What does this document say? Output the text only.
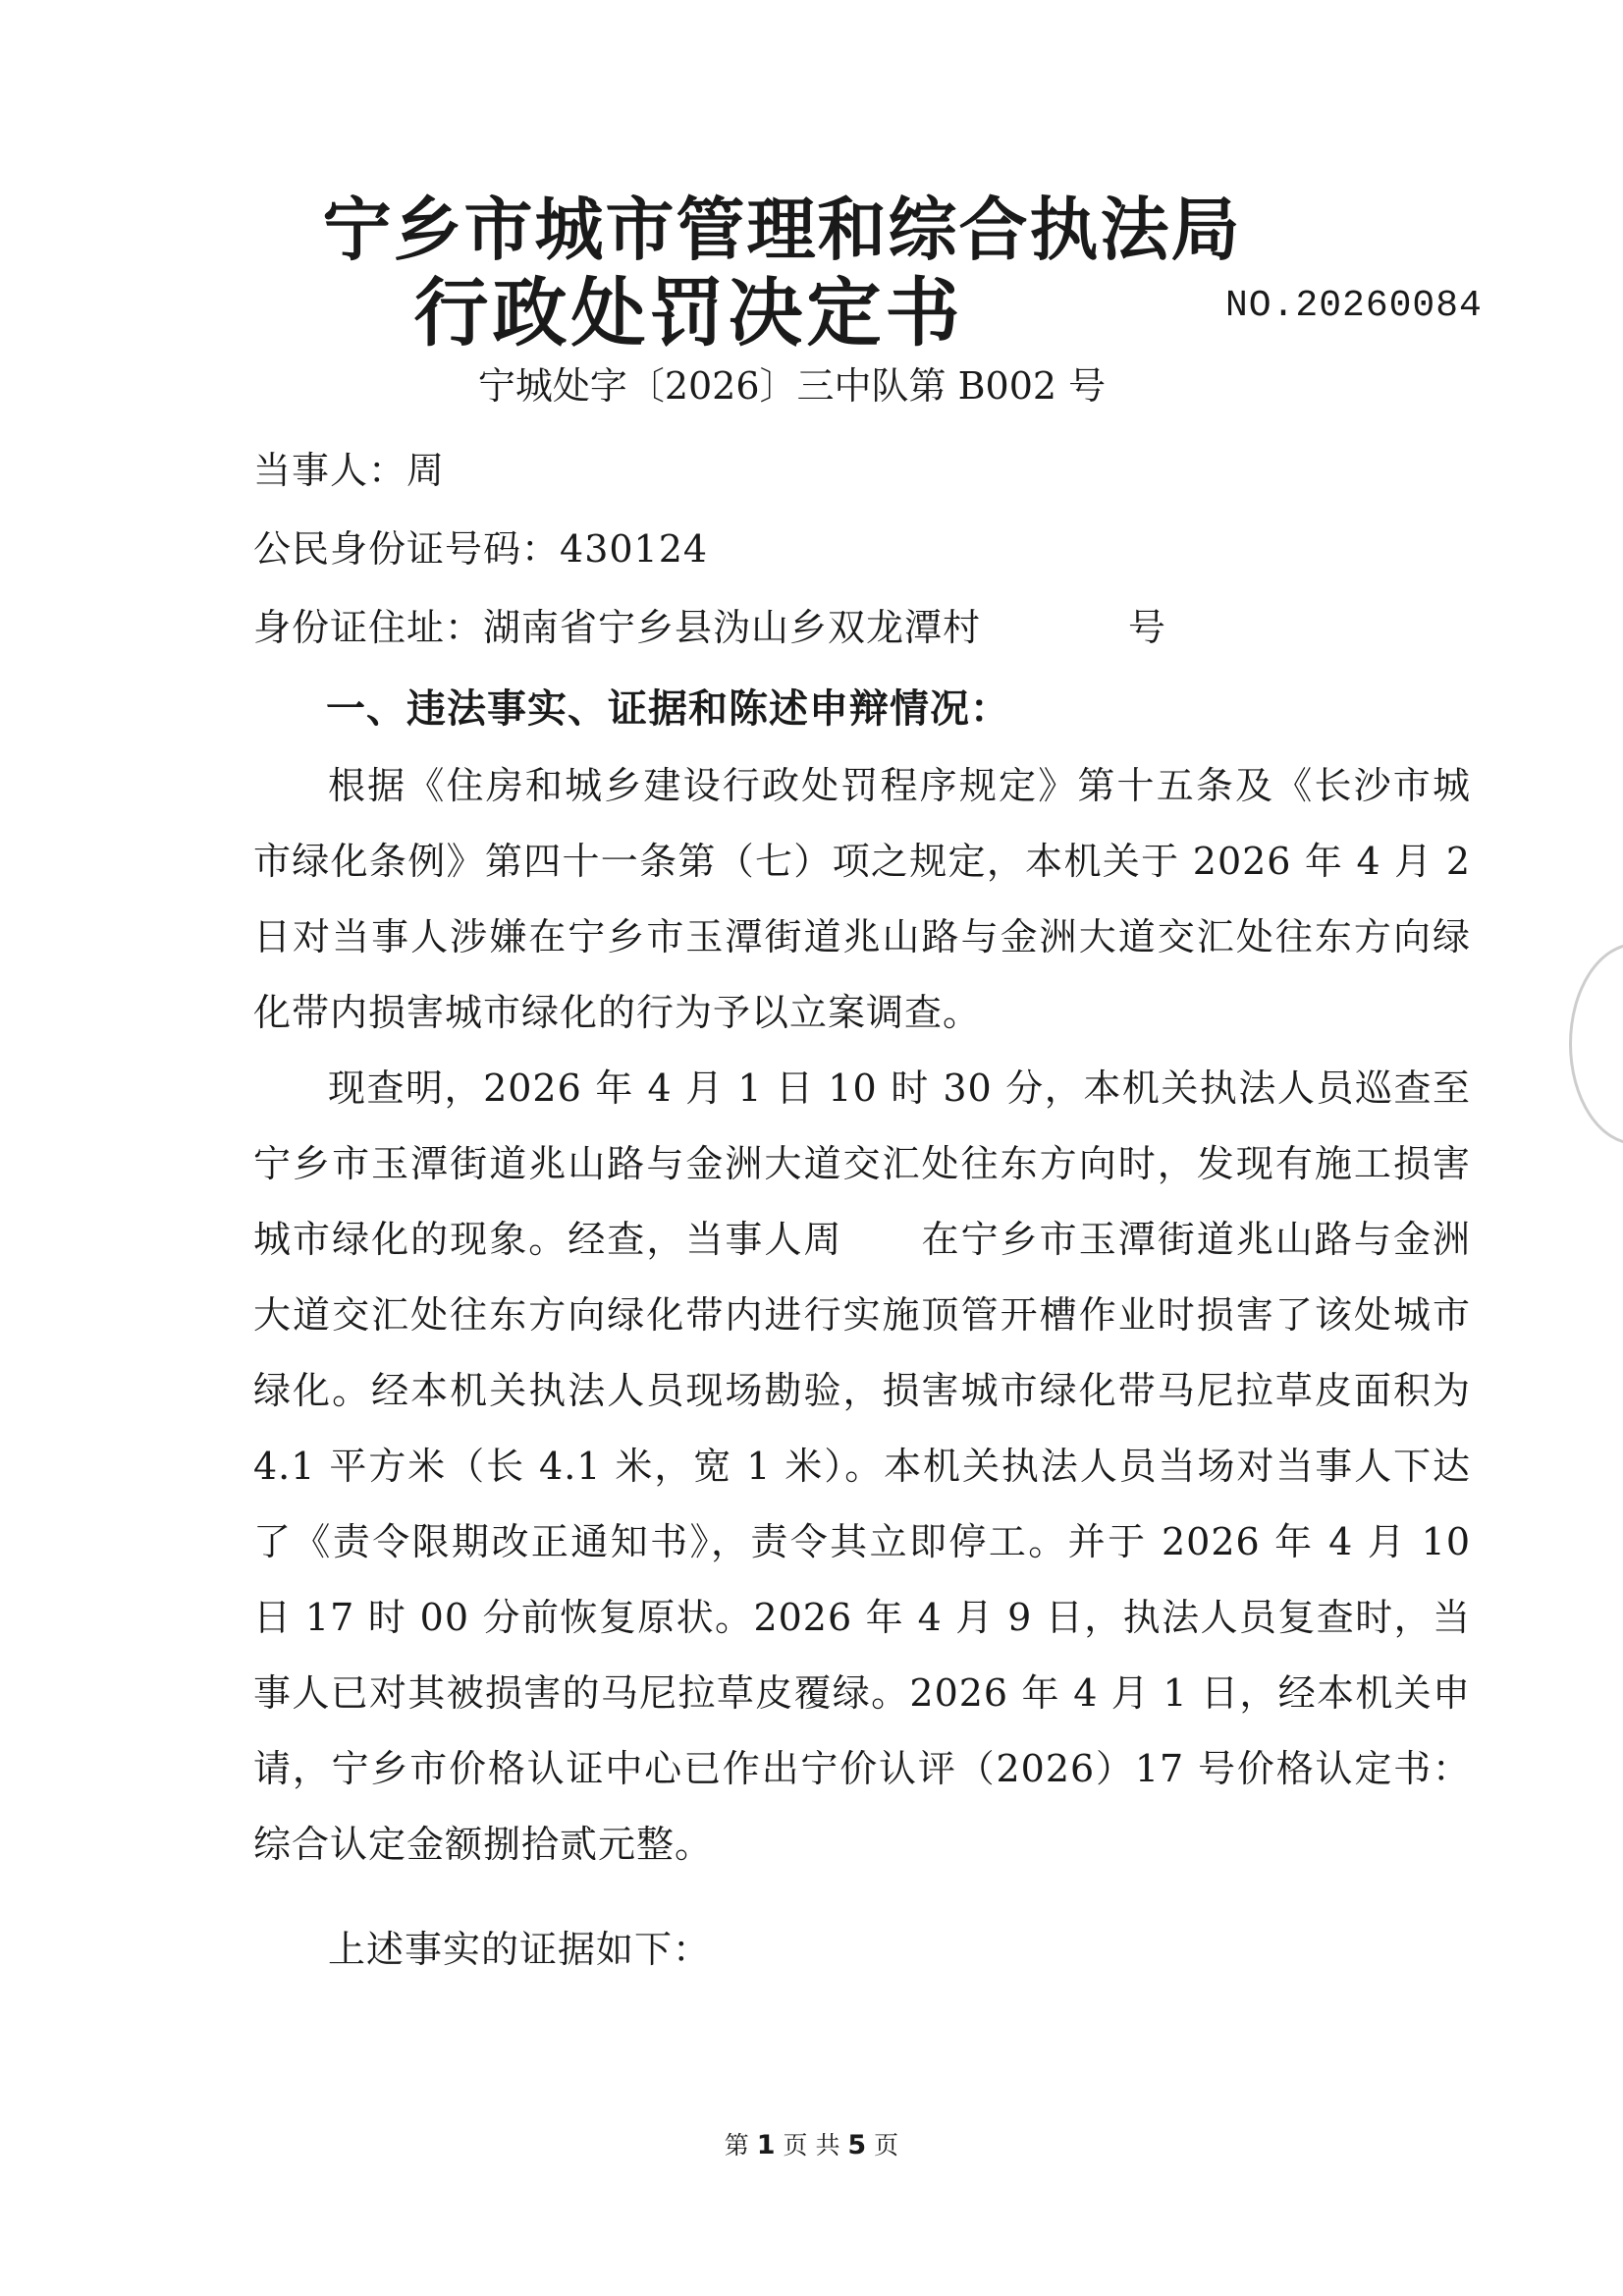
宁乡市城市管理和综合执法局
行政处罚决定书	NO.20260084
宁城处字〔2026〕三中队第 B002 号
当事人：周
公民身份证号码：430124
身份证住址：湖南省宁乡县沩山乡双龙潭村	号
一、违法事实、证据和陈述申辩情况：

根据《住房和城乡建设行政处罚程序规定》第十五条及《长沙市城市绿化条例》第四十一条第（七）项之规定，本机关于 2026 年 4 月 2 日对当事人涉嫌在宁乡市玉潭街道兆山路与金洲大道交汇处往东方向绿化带内损害城市绿化的行为予以立案调查。

现查明，2026 年 4 月 1 日 10 时 30 分，本机关执法人员巡查至宁乡市玉潭街道兆山路与金洲大道交汇处往东方向时，发现有施工损害城市绿化的现象。经查，当事人周　　在宁乡市玉潭街道兆山路与金洲大道交汇处往东方向绿化带内进行实施顶管开槽作业时损害了该处城市绿化。经本机关执法人员现场勘验，损害城市绿化带马尼拉草皮面积为 4.1 平方米（长 4.1 米，宽 1 米）。本机关执法人员当场对当事人下达了《责令限期改正通知书》，责令其立即停工。并于 2026 年 4 月 10 日 17 时 00 分前恢复原状。2026 年 4 月 9 日，执法人员复查时，当事人已对其被损害的马尼拉草皮覆绿。2026 年 4 月 1 日，经本机关申请，宁乡市价格认证中心已作出宁价认评（2026）17 号价格认定书：综合认定金额捌拾贰元整。

上述事实的证据如下：

第 1 页 共 5 页
